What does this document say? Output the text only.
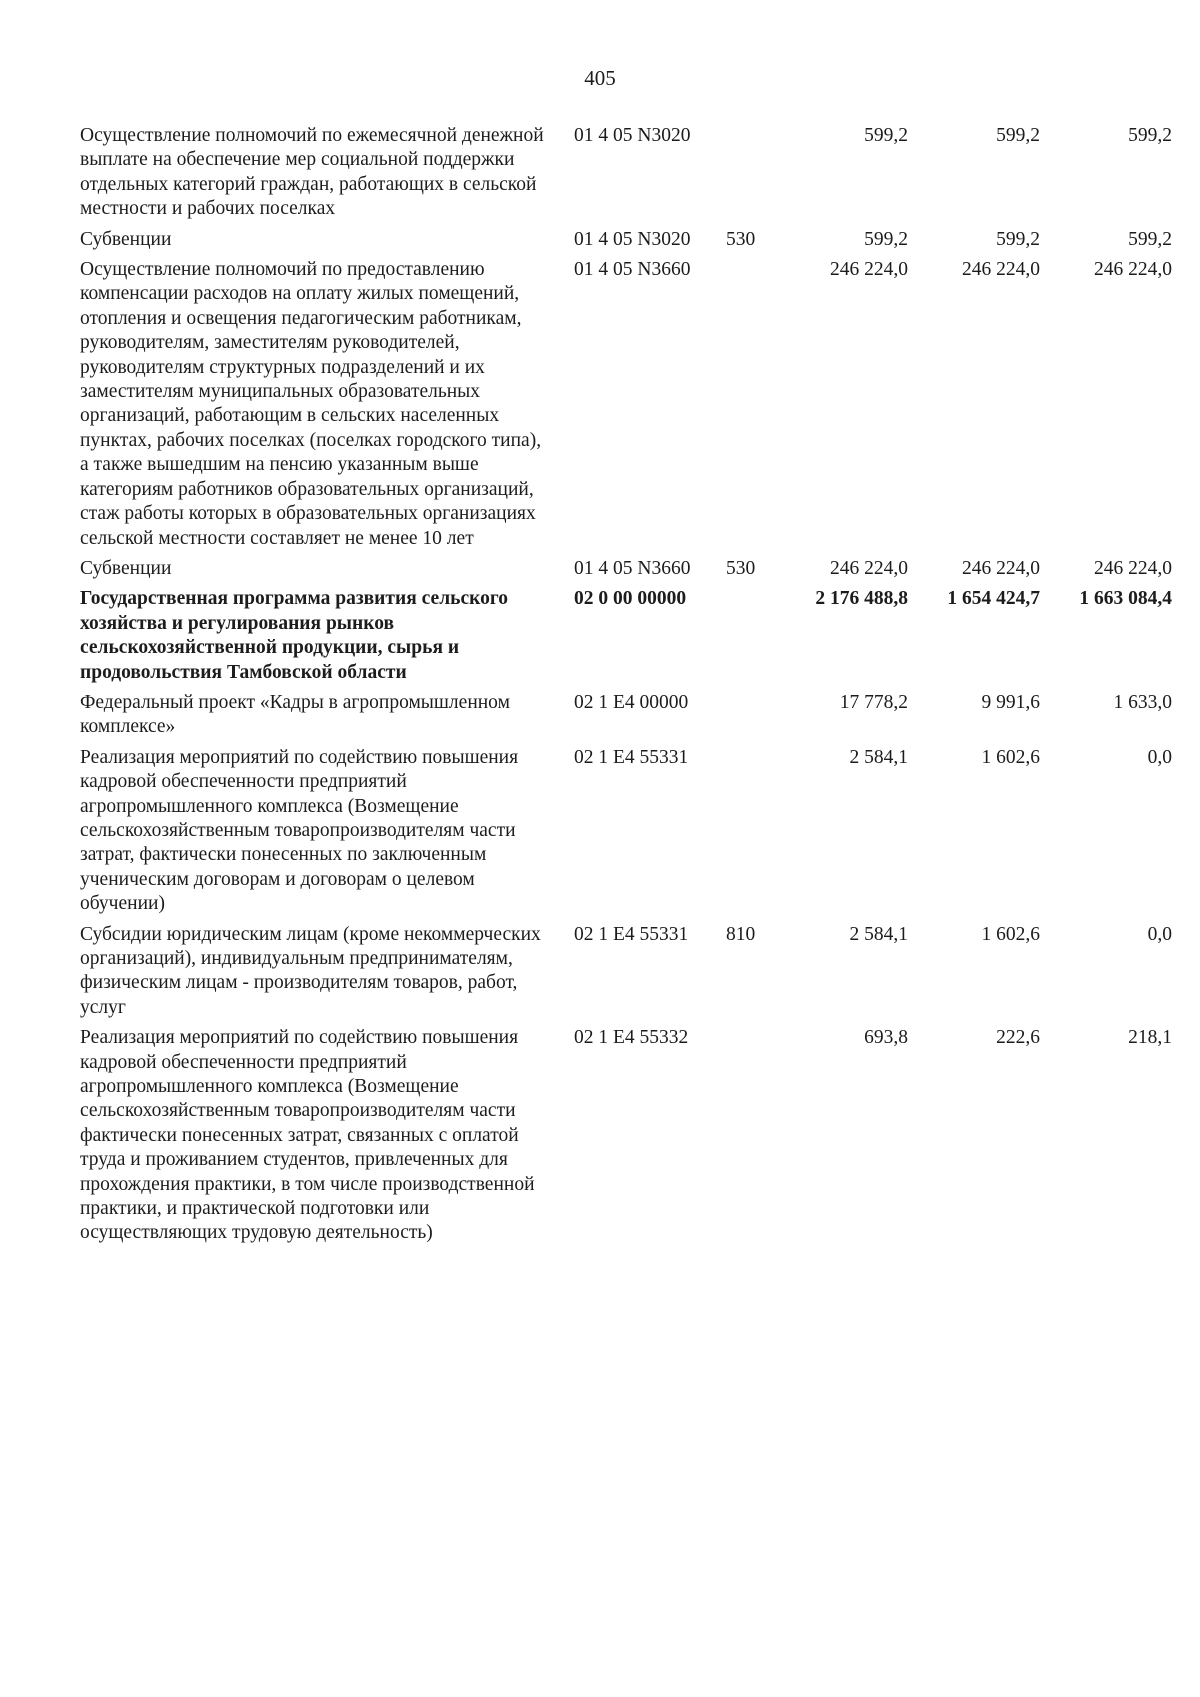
405
Осуществление полномочий по ежемесячной денежной выплате на обеспечение мер социальной поддержки отдельных категорий граждан, работающих в сельской местности и рабочих поселках	01 4 05 N3020		599,2	599,2	599,2
Субвенции	01 4 05 N3020	530	599,2	599,2	599,2
Осуществление полномочий по предоставлению компенсации расходов на оплату жилых помещений, отопления и освещения педагогическим работникам, руководителям, заместителям руководителей, руководителям структурных подразделений и их заместителям муниципальных образовательных организаций, работающим в сельских населенных пунктах, рабочих поселках (поселках городского типа), а также вышедшим на пенсию указанным выше категориям работников образовательных организаций, стаж работы которых в образовательных организациях сельской местности составляет не менее 10 лет	01 4 05 N3660		246 224,0	246 224,0	246 224,0
Субвенции	01 4 05 N3660	530	246 224,0	246 224,0	246 224,0
Государственная программа развития сельского хозяйства и регулирования рынков сельскохозяйственной продукции, сырья и продовольствия Тамбовской области	02 0 00 00000		2 176 488,8	1 654 424,7	1 663 084,4
Федеральный проект «Кадры в агропромышленном комплексе»	02 1 Е4 00000		17 778,2	9 991,6	1 633,0
Реализация мероприятий по содействию повышения кадровой обеспеченности предприятий агропромышленного комплекса (Возмещение сельскохозяйственным товаропроизводителям части затрат, фактически понесенных по заключенным ученическим договорам и договорам о целевом обучении)	02 1 Е4 55331		2 584,1	1 602,6	0,0
Субсидии юридическим лицам (кроме некоммерческих организаций), индивидуальным предпринимателям, физическим лицам - производителям товаров, работ, услуг	02 1 Е4 55331	810	2 584,1	1 602,6	0,0
Реализация мероприятий по содействию повышения кадровой обеспеченности предприятий агропромышленного комплекса (Возмещение сельскохозяйственным товаропроизводителям части фактически понесенных затрат, связанных с оплатой труда и проживанием студентов, привлеченных для прохождения практики, в том числе производственной практики, и практической подготовки или осуществляющих трудовую деятельность)	02 1 Е4 55332		693,8	222,6	218,1
